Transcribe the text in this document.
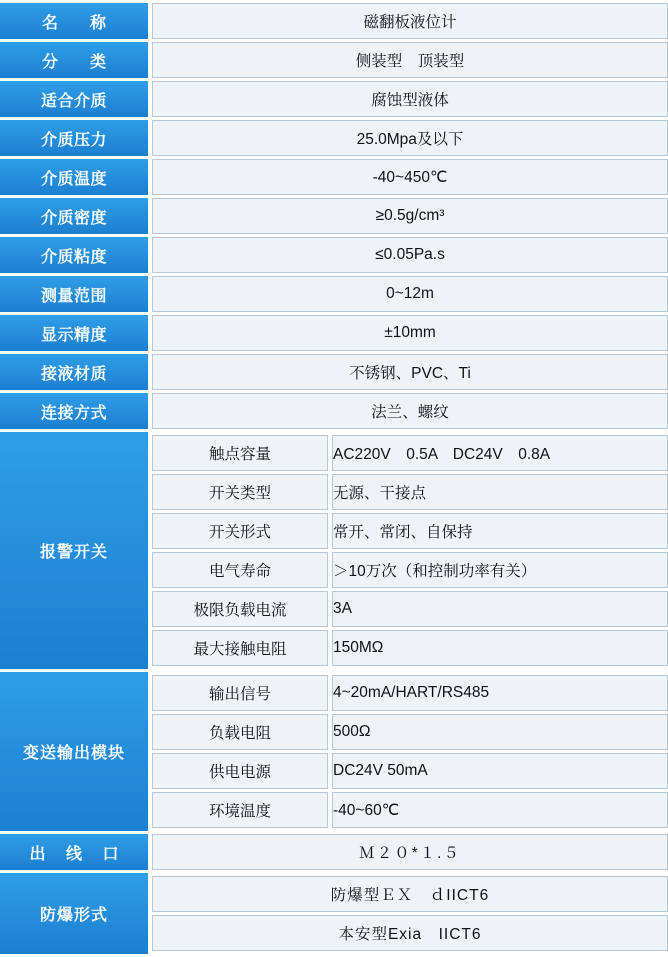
名　称		磁翻板液位计
分　类		侧装型　顶装型
适合介质		腐蚀型液体
介质压力		25.0Mpa及以下
介质温度		-40~450℃
介质密度		≥0.5g/cm³
介质粘度		≤0.05Pa.s
测量范围		0~12m
显示精度		±10mm
接液材质		不锈钢、PVC、Ti
连接方式		法兰、螺纹
报警开关		
触点容量		AC220V　0.5A　DC24V　0.8A
开关类型		无源、干接点
开关形式		常开、常闭、自保持
电气寿命		＞10万次（和控制功率有关）
极限负载电流		3A
最大接触电阻		150MΩ

变送输出模块		
输出信号		4~20mA/HART/RS485
负载电阻		500Ω
供电电源		DC24V 50mA
环境温度		-40~60℃

出 线 口		Ｍ２０*１.５
防爆形式		
防爆型ＥＸ　ｄIICT6
本安型Exia　IICT6
